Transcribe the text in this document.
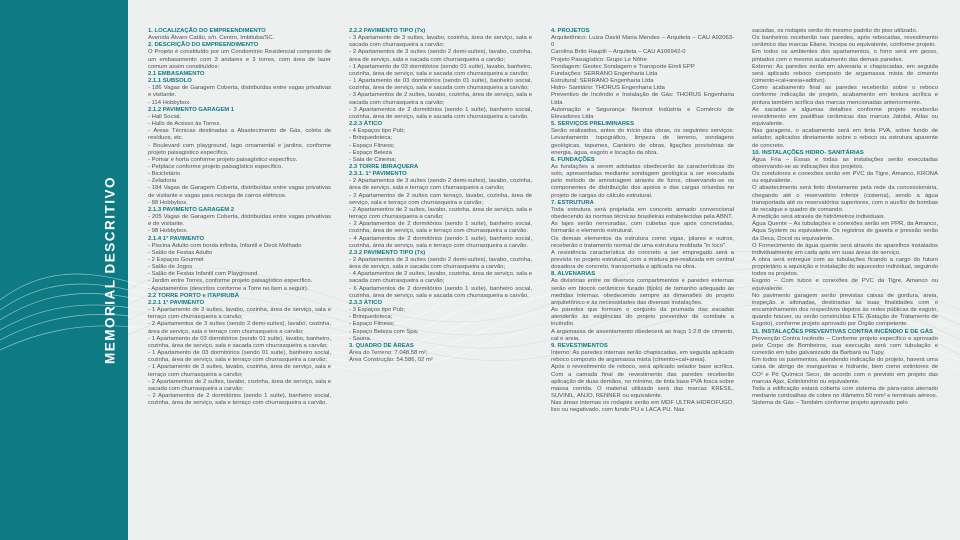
MEMORIAL DESCRITIVO

1. LOCALIZAÇÃO DO EMPREENDIMENTO

Avenida Álvaro Catão, s/n. Centro, Imbituba/SC.

2. DESCRIÇÃO DO EMPREENDIMENTO

O Projeto é constituído por um Condomínio Residencial composto de um embasamento com 3 andares e 3 torres, com área de lazer comum assim constituídos:

2.1 EMBASAMENTO

2.1.1 SUBSOLO

- 186 Vagas de Garagem Coberta, distribuídas entre vagas privativas e visitante.

- 114 Hobbybox.

2.1.2 PAVIMENTO GARAGEM 1

- Hall Social.

- Halls de Acesso às Torres.

- Áreas Técnicas destinadas a Abastecimento de Gás, coleta de resíduos, etc.

- Boulevard com playground, lago ornamental e jardins, conforme projeto paisagístico específico.

- Pomar e horta conforme projeto paisagístico específico.

- Petplace conforme projeto paisagístico específico.

- Bicicletário

- Zeladoria

- 184 Vagas de Garagem Coberta, distribuídas entre vagas privativas de visitante e vagas para recarga de carros elétricos.

- 88 Hobbybox.

2.1.3 PAVIMENTO GARAGEM 2

- 205 Vagas de Garagem Coberta, distribuídas entre vagas privativas e de visitante.

- 98 Hobbybox.

2.1.4 1° PAVIMENTO

- Piscina Adulto com borda infinita, Infantil e Deck Molhado

- Salão de Festas Adulto

- 2 Espaços Gourmet

- Salão de Jogos

- Salão de Festas Infantil com Playground

- Jardim entre Torres, conforme projeto paisagístico específico.

- Apartamentos (descritos conforme a Torre no item a seguir).

2.2 TORRE PORTO e ITAPIRUBÁ

2.2.1 1° PAVIMENTO

- 1 Apartamento de 3 suítes, lavabo, cozinha, área de serviço, sala e terraço com churrasqueira a carvão;

- 2 Apartamentos de 3 suítes (sendo 2 demi-suítes), lavabo, cozinha, área de serviço, sala e terraço com churrasqueira a carvão;

- 1 Apartamento de 03 dormitórios (sendo 01 suíte), lavabo, banheiro, cozinha, área de serviço, sala e sacada com churrasqueira a carvão;

- 1 Apartamento de 03 dormitórios (sendo 01 suíte), banheiro social, cozinha, área de serviço, sala e terraço com churrasqueira a carvão;

- 1 Apartamento de 3 suítes, lavabo, cozinha, área de serviço, sala e terraço com churrasqueira a carvão;

- 2 Apartamentos de 2 suítes, lavabo, cozinha, área de serviço, sala e sacada com churrasqueira a carvão;

- 2 Apartamentos de 2 dormitórios (sendo 1 suíte), banheiro social, cozinha, área de serviço, sala e terraço com churrasqueira a carvão.

2.2.2 PAVIMENTO TIPO (7x)

- 3 Apartamento de 3 suítes, lavabo, cozinha, área de serviço, sala e sacada com churrasqueira a carvão;

- 2 Apartamentos de 3 suítes (sendo 2 demi-suítes), lavabo, cozinha, área de serviço, sala e sacada com churrasqueira a carvão;

- 1 Apartamento de 03 dormitórios (sendo 01 suíte), lavabo, banheiro, cozinha, área de serviço, sala e sacada com churrasqueira a carvão;

- 1 Apartamento de 03 dormitórios (sendo 01 suíte), banheiro social, cozinha, área de serviço, sala e sacada com churrasqueira a carvão;

- 3 Apartamentos de 2 suítes, lavabo, cozinha, área de serviço, sala e sacada com churrasqueira a carvão;

- 3 Apartamentos de 2 dormitórios (sendo 1 suíte), banheiro social, cozinha, área de serviço, sala e sacada com churrasqueira a carvão.

2.2.3 ÁTICO

- 4 Espaços tipo Pub;

- Brinquedoteca;

- Espaço Fitness;

- Espaço Beleza

- Sala de Cinema;

2.3 TORRE IBIRAQUERA

2.3.1. 1° PAVIMENTO

- 2 Apartamentos de 3 suítes (sendo 2 demi-suítes), lavabo, cozinha, área de serviço, sala e terraço com churrasqueira a carvão;

- 2 Apartamentos de 2 suítes com terraço, lavabo, cozinha, área de serviço, sala e terraço com churrasqueira a carvão;

- 2 Apartamentos de 2 suítes, lavabo, cozinha, área de serviço, sala e terraço com churrasqueira a carvão;

- 2 Apartamentos de 2 dormitórios (sendo 1 suíte), banheiro social, cozinha, área de serviço, sala e terraço com churrasqueira a carvão.

- 4 Apartamentos de 2 dormitórios (sendo 1 suíte), banheiro social, cozinha, área de serviço, sala e terraço com churrasqueira a carvão.

2.3.2 PAVIMENTO TIPO (7x)

- 2 Apartamentos de 3 suítes (sendo 2 demi-suítes), lavabo, cozinha, área de serviço, sala e sacada com churrasqueira a carvão;

- 4 Apartamentos de 2 suítes, lavabo, cozinha, área de serviço, sala e sacada com churrasqueira a carvão;

- 6 Apartamentos de 2 dormitórios (sendo 1 suíte), banheiro social, cozinha, área de serviço, sala e sacada com churrasqueira a carvão.

2.3.3 ÁTICO

- 3 Espaços tipo Pub;

- Brinquedoteca;

- Espaço Fitness;

- Espaço Beleza com Spa;

- Sauna.

3. QUADRO DE ÁREAS

Área do Terreno: 7.048,58 m²;

Área Construção: 54.586, 02 m²

4. PROJETOS

Arquitetônico: Luiza David Maria Mendes – Arquiteta – CAU A92063-0

Carolina Brito Hauptli – Arquiteta – CAU A106942-0

Projeto Paisagístico: Grupo Le Nôtre

Sondagem: Geotec Sondagem e Transporte Eireli EPP

Fundações: SERRANO Engenharia Ltda

Estrutural: SERRANO Engenharia Ltda

Hidro- Sanitário: THORUS Engenharia Ltda

Preventivo de Incêndio e Instalação de Gás: THORUS Engenharia Ltda

Automação e Segurança: Neomot Indústria e Comércio de Elevadores Ltda

5. SERVIÇOS PRELIMINARES

Serão realizados, antes do início das obras, os seguintes serviços: Levantamento topográfico, limpeza de terreno, sondagens geológicas, tapumes, Canteiro de obras, ligações provisórias de energia, água, esgoto e locação da obra.

6. FUNDAÇÕES

As fundações a serem adotadas obedecerão às características do solo, apresentadas mediante sondagem geológica a ser executada pelo método de amostragem através de furos, observando-se os componentes de distribuição dos apoios e das cargas oriundas no projeto de cargas do cálculo estrutural.

7. ESTRUTURA

Toda estrutura será projetada em concreto armado convencional obedecendo às normas técnicas brasileiras estabelecidas pela ABNT.

As lajes serão nervuradas, com cubetas que após concretadas, formarão o elemento estrutural.

Os demais elementos da estrutura como vigas, pilares e outros, receberão o tratamento normal de uma estrutura moldada "in loco".

A resistência característica do concreto a ser empregado será a prevista no projeto estrutural, com a mistura pré-realizada em central dosadora de concreto, transportada e aplicada na obra.

8. ALVENARIAS

As divisórias entre os diversos compartimentos e paredes externas serão em blocos cerâmicos furado (tijolo) de tamanho adequado às medidas internas, obedecendo sempre as dimensões do projeto arquitetônico e às necessidades das diversas instalações.

As paredes que formam o conjunto da prumada das escadas atenderão às exigências do projeto preventivo de combate a incêndio.

A argamassa de assentamento obedecerá ao traço 1:2:8 de cimento, cal e areia.

9. REVESTIMENTOS

Interno: As paredes internas serão chapiscadas, em seguida aplicado reboco composto de argamassa mista (cimento+cal+areia).

Após o revestimento de reboco, será aplicado selador base acrílica. Com a camada final de revestimento das paredes receberão aplicação de duas demãos, no mínimo, de tinta base PVA fosca sobre massa corrida. O material utilizado será das marcas KRESIL, SUVINIL, ANJO, RENNER ou equivalente.

Nas áreas internas os rodapés serão em MDF ULTRA HIDROFUGO, liso ou negativado, com fundo PU e LACA PU. Nas

sacadas, os rodapés serão do mesmo padrão do piso utilizado.

Os banheiros receberão nas paredes, após rebocadas, revestimento cerâmico das marcas Eliane, Incepa ou equivalente, conforme projeto.

Em todos os ambientes dos apartamentos, o forro será em gesso, pintados com o mesmo acabamento das demais paredes.

Externo: As paredes serão em alvenaria e chapiscadas, em seguida será aplicado reboco composto de argamassa mista de cimento (cimento+cal+areia+aditivo).

Como acabamento final as paredes receberão sobre o reboco conforme indicação de projeto, acabamento em textura acrílica e pintura também acrílica das marcas mencionadas anteriormente.

As sacadas e algumas detalhes conforme projeto receberão revestimento em pastilhas cerâmicas das marcas Jatobá, Atlas ou equivalente.

Nas garagens, o acabamento será em tinta PVA, sobre fundo de selador, aplicados diretamente sobre o reboco ou estrutura aparente de concreto.

10. INSTALAÇÕES HIDRO- SANITÁRIAS

Água Fria – Essas e todas as instalações serão executadas observando-se as indicações dos projetos.

Os condutores e conexões serão em PVC da Tigre, Amanco, KRONA ou equivalente.

O abastecimento será feito diretamente pela rede da concessionária, chegando até o reservatório inferior (cisterna), sendo a água transportada até os reservatórios superiores, com o auxílio de bombas de recalque e quadro de comando.

A medição será através de hidrômetros individuais.

Água Quente – As tubulações e conexões serão em PPR, da Amanco, Aqua System ou equivalente. Os registros de gaveta e pressão serão da Deca, Docol ou equivalente.

O Fornecimento de água quente será através de aparelhos instalados individualmente em cada apto em suas áreas de serviço.

A obra será entregue com as tubulações ficando a cargo do futuro proprietário a aquisição e instalação do aquecedor individual, seguindo todos os projetos.

Esgoto – Com tubos e conexões de PVC da Tigre, Amanco ou equivalente.

No pavimento garagem serão previstas caixas de gordura, areia, inspeção e sifonadas, destinadas às suas finalidades com o encaminhamento dos respectivos dejetos às redes públicas de esgoto, quando houver, ou serão construídas ETE (Estação de Tratamento de Esgoto), conforme projeto aprovado por Órgão competente.

11. INSTALAÇÕES PREVENTIVAS CONTRA INCÊNDIO E DE GÁS

Prevenção Contra Incêndio – Conforme projeto específico e aprovado pelo Corpo de Bombeiros, sua execução será com tubulação e conexão em tubo galvanizado da Barbará ou Tupy.

Em todos os pavimentos, atendendo indicação do projeto, haverá uma caixa de abrigo de mangueiras e hidrante, bem como extintores de CO² e Pó Químico Seco, de acordo com o previsto em projeto das marcas Ajax, Extinlondrio ou equivalente.

Toda a edificação estará coberta com sistema de pára-raios aterrado mediante cordoalhas de cobre no diâmetro 50 mm² e terminais aéreos.

Sistema de Gás – Também conforme projeto aprovado pelo
